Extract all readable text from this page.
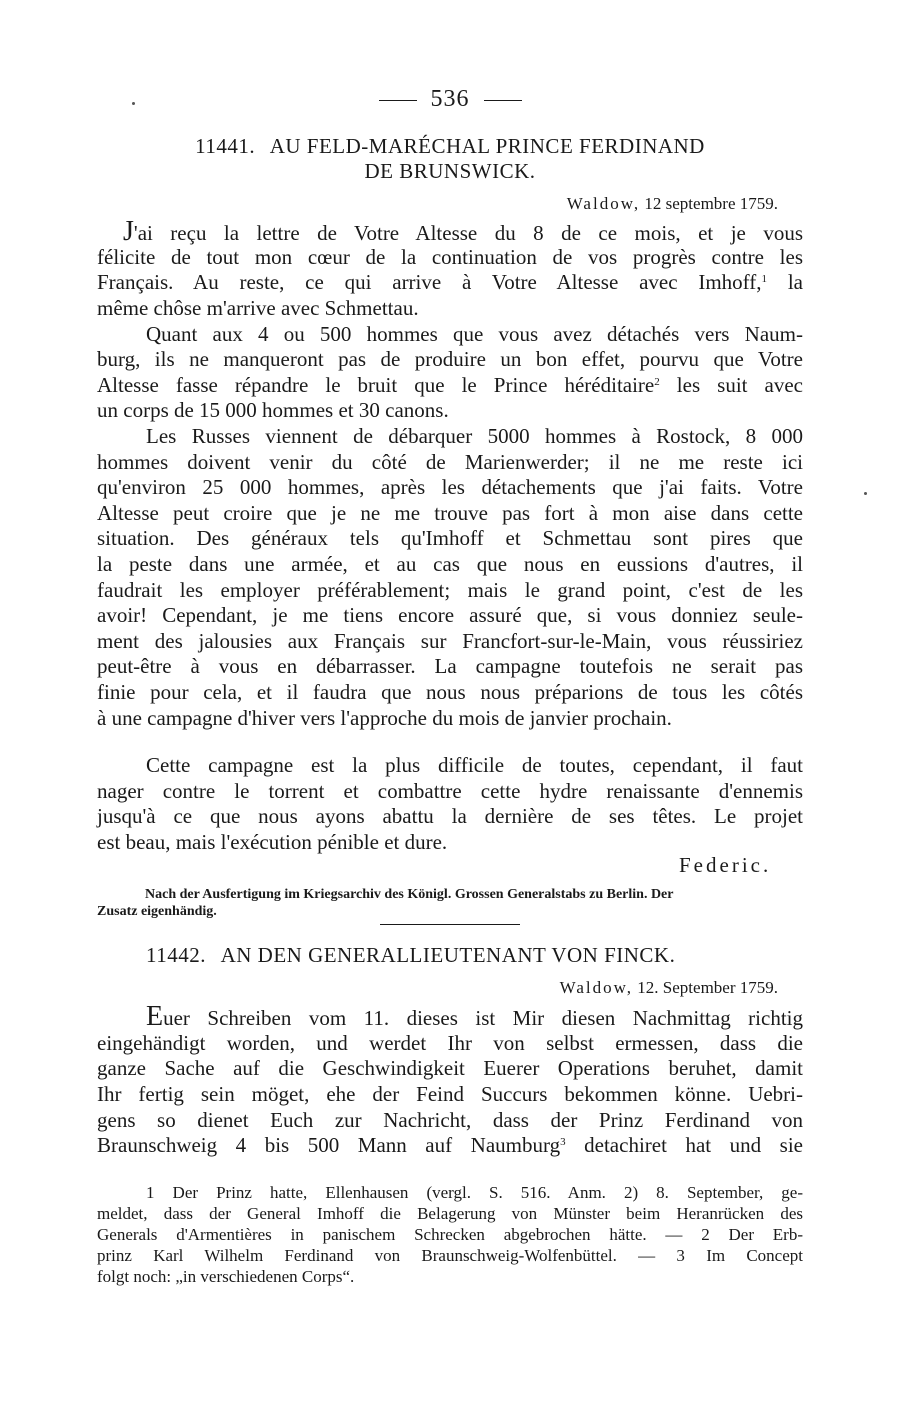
536
11441. AU FELD-MARÉCHAL PRINCE FERDINAND
DE BRUNSWICK.
Waldow, 12 septembre 1759.
J'ai reçu la lettre de Votre Altesse du 8 de ce mois, et je vous
félicite de tout mon cœur de la continuation de vos progrès contre les
Français. Au reste, ce qui arrive à Votre Altesse avec Imhoff,$^1$ la
même chôse m'arrive avec Schmettau.
Quant aux 4 ou 500 hommes que vous avez détachés vers Naum-
burg, ils ne manqueront pas de produire un bon effet, pourvu que Votre
Altesse fasse répandre le bruit que le Prince héréditaire$^2$ les suit avec
un corps de 15 000 hommes et 30 canons.
Les Russes viennent de débarquer 5000 hommes à Rostock, 8 000
hommes doivent venir du côté de Marienwerder; il ne me reste ici
qu'environ 25 000 hommes, après les détachements que j'ai faits. Votre
Altesse peut croire que je ne me trouve pas fort à mon aise dans cette
situation. Des généraux tels qu'Imhoff et Schmettau sont pires que
la peste dans une armée, et au cas que nous en eussions d'autres, il
faudrait les employer préférablement; mais le grand point, c'est de les
avoir! Cependant, je me tiens encore assuré que, si vous donniez seule-
ment des jalousies aux Français sur Francfort-sur-le-Main, vous réussiriez
peut-être à vous en débarrasser. La campagne toutefois ne serait pas
finie pour cela, et il faudra que nous nous préparions de tous les côtés
à une campagne d'hiver vers l'approche du mois de janvier prochain.
Cette campagne est la plus difficile de toutes, cependant, il faut
nager contre le torrent et combattre cette hydre renaissante d'ennemis
jusqu'à ce que nous ayons abattu la dernière de ses têtes. Le projet
est beau, mais l'exécution pénible et dure.
Federic.
Nach der Ausfertigung im Kriegsarchiv des Königl. Grossen Generalstabs zu Berlin. Der
Zusatz eigenhändig.
11442. AN DEN GENERALLIEUTENANT VON FINCK.
Waldow, 12. September 1759.
Euer Schreiben vom 11. dieses ist Mir diesen Nachmittag richtig
eingehändigt worden, und werdet Ihr von selbst ermessen, dass die
ganze Sache auf die Geschwindigkeit Euerer Operations beruhet, damit
Ihr fertig sein möget, ehe der Feind Succurs bekommen könne. Uebri-
gens so dienet Euch zur Nachricht, dass der Prinz Ferdinand von
Braunschweig 4 bis 500 Mann auf Naumburg$^3$ detachiret hat und sie
1 Der Prinz hatte, Ellenhausen (vergl. S. 516. Anm. 2) 8. September, ge-
meldet, dass der General Imhoff die Belagerung von Münster beim Heranrücken des
Generals d'Armentières in panischem Schrecken abgebrochen hätte. — 2 Der Erb-
prinz Karl Wilhelm Ferdinand von Braunschweig-Wolfenbüttel. — 3 Im Concept
folgt noch: „in verschiedenen Corps“.
